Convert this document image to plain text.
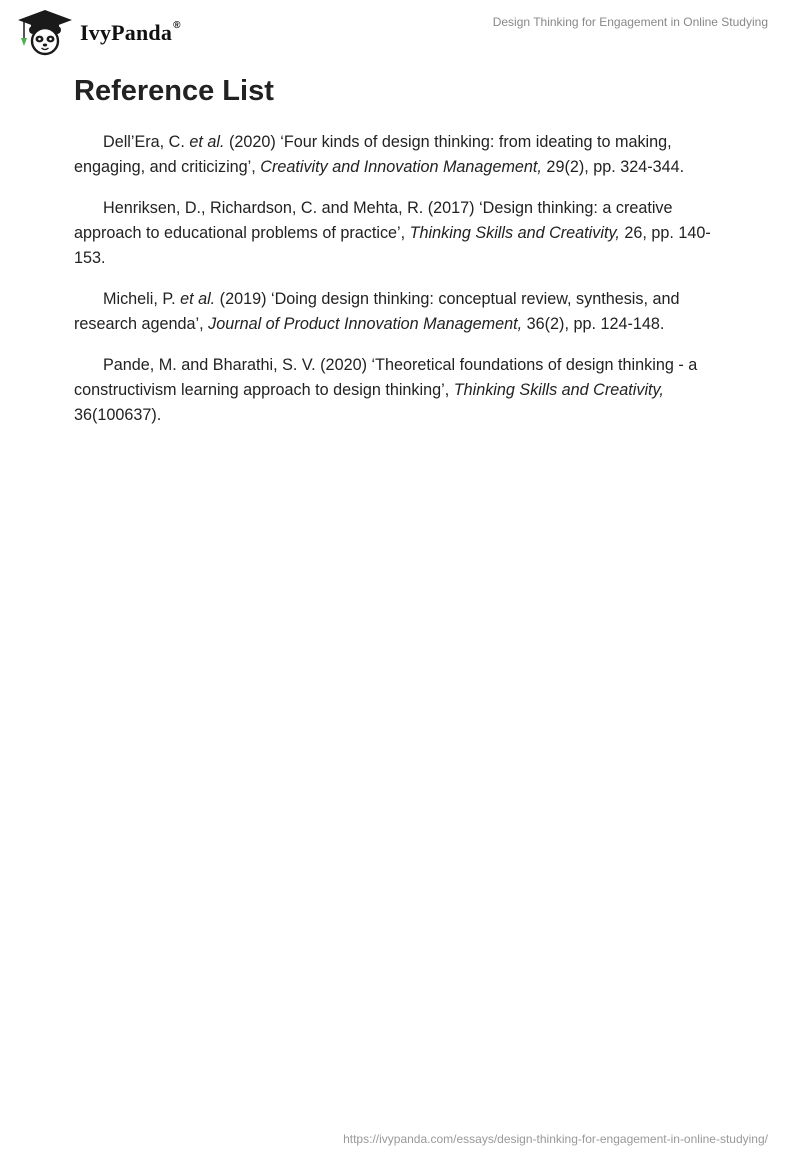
IvyPanda®	Design Thinking for Engagement in Online Studying
Reference List

Dell’Era, C. et al. (2020) ‘Four kinds of design thinking: from ideating to making, engaging, and criticizing’, Creativity and Innovation Management, 29(2), pp. 324-344.

Henriksen, D., Richardson, C. and Mehta, R. (2017) ‘Design thinking: a creative approach to educational problems of practice’, Thinking Skills and Creativity, 26, pp. 140-153.

Micheli, P. et al. (2019) ‘Doing design thinking: conceptual review, synthesis, and research agenda’, Journal of Product Innovation Management, 36(2), pp. 124-148.

Pande, M. and Bharathi, S. V. (2020) ‘Theoretical foundations of design thinking - a constructivism learning approach to design thinking’, Thinking Skills and Creativity, 36(100637).

https://ivypanda.com/essays/design-thinking-for-engagement-in-online-studying/
